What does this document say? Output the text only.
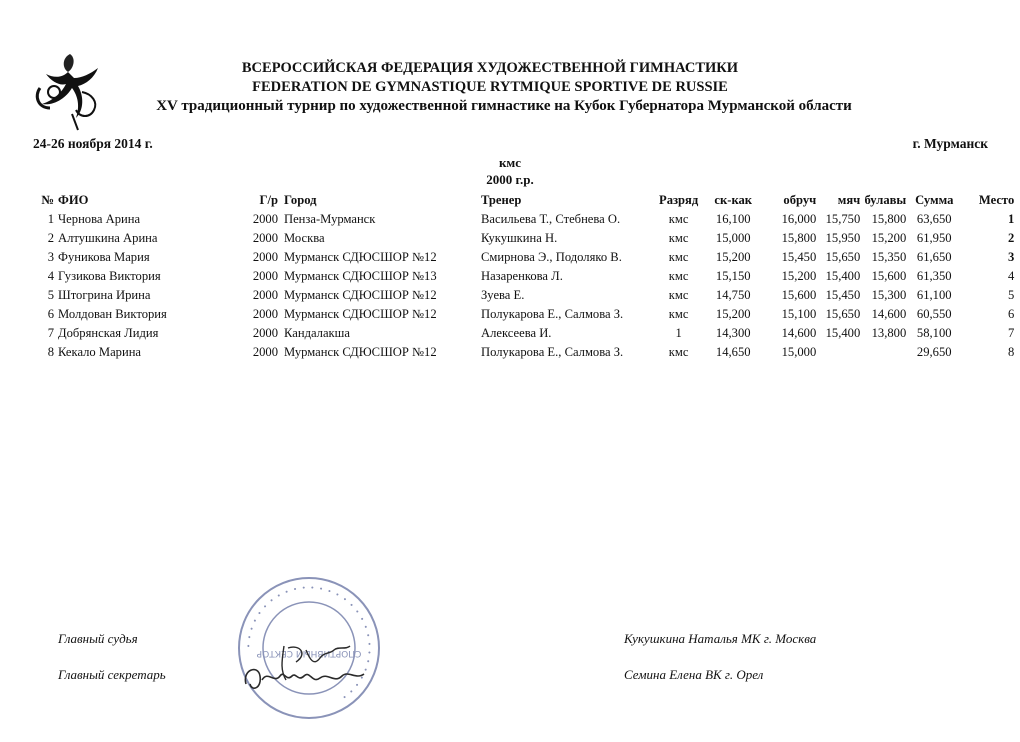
ВСЕРОССИЙСКАЯ ФЕДЕРАЦИЯ ХУДОЖЕСТВЕННОЙ ГИМНАСТИКИ
FEDERATION DE GYMNASTIQUE RYTMIQUE SPORTIVE DE RUSSIE
XV традиционный турнир по художественной гимнастике на Кубок Губернатора Мурманской области
24-26 ноября 2014 г.	г. Мурманск
кмс
2000 г.р.
№	ФИО	Г/р	Город	Тренер	Разряд	ск-как	обруч	мяч	булавы	Сумма	Место
1	Чернова Арина	2000	Пенза-Мурманск	Васильева Т., Стебнева О.	кмс	16,100	16,000	15,750	15,800	63,650	1
2	Алтушкина Арина	2000	Москва	Кукушкина Н.	кмс	15,000	15,800	15,950	15,200	61,950	2
3	Фуникова Мария	2000	Мурманск СДЮСШОР №12	Смирнова Э., Подоляко В.	кмс	15,200	15,450	15,650	15,350	61,650	3
4	Гузикова Виктория	2000	Мурманск СДЮСШОР №13	Назаренкова Л.	кмс	15,150	15,200	15,400	15,600	61,350	4
5	Штогрина Ирина	2000	Мурманск СДЮСШОР №12	Зуева Е.	кмс	14,750	15,600	15,450	15,300	61,100	5
6	Молдован Виктория	2000	Мурманск СДЮСШОР №12	Полукарова Е., Салмова З.	кмс	15,200	15,100	15,650	14,600	60,550	6
7	Добрянская Лидия	2000	Кандалакша	Алексеева И.	1	14,300	14,600	15,400	13,800	58,100	7
8	Кекало Марина	2000	Мурманск СДЮСШОР №12	Полукарова Е., Салмова З.	кмс	14,650	15,000			29,650	8
• • • • • • • • • • • • • • • • • • • • • • • • • • • • •
СПОРТИВНЫЙ СЕКТОР
Главный судья
Главный секретарь
Кукушкина Наталья МК г. Москва
Семина Елена ВК г. Орел
